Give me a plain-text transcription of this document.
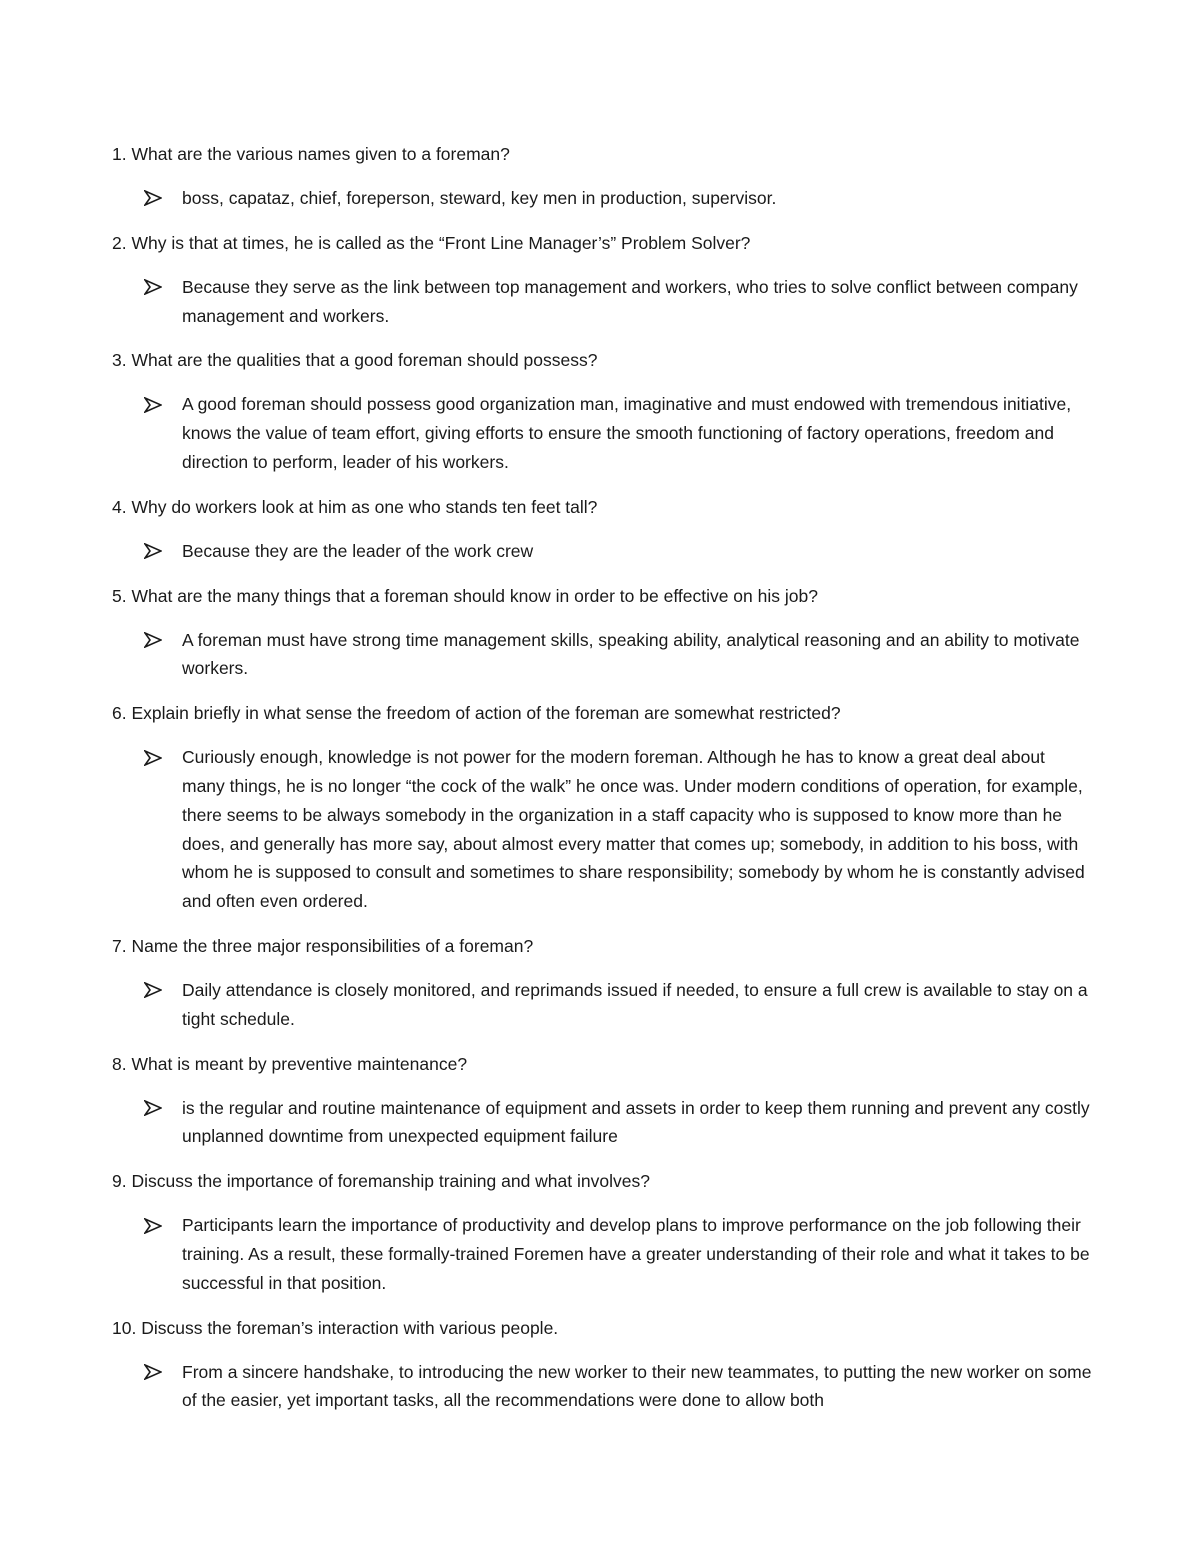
1. What are the various names given to a foreman?

boss, capataz, chief, foreperson, steward, key men in production, supervisor.

2. Why is that at times, he is called as the “Front Line Manager’s” Problem Solver?

Because they serve as the link between top management and workers, who tries to solve conflict between company management and workers.

3. What are the qualities that a good foreman should possess?

A good foreman should possess good organization man, imaginative and must endowed with tremendous initiative, knows the value of team effort, giving efforts to ensure the smooth functioning of factory operations, freedom and direction to perform, leader of his workers.

4. Why do workers look at him as one who stands ten feet tall?

Because they are the leader of the work crew

5. What are the many things that a foreman should know in order to be effective on his job?

A foreman must have strong time management skills, speaking ability, analytical reasoning and an ability to motivate workers.

6. Explain briefly in what sense the freedom of action of the foreman are somewhat restricted?

Curiously enough, knowledge is not power for the modern foreman. Although he has to know a great deal about many things, he is no longer “the cock of the walk” he once was. Under modern conditions of operation, for example, there seems to be always somebody in the organization in a staff capacity who is supposed to know more than he does, and generally has more say, about almost every matter that comes up; somebody, in addition to his boss, with whom he is supposed to consult and sometimes to share responsibility; somebody by whom he is constantly advised and often even ordered.

7. Name the three major responsibilities of a foreman?

Daily attendance is closely monitored, and reprimands issued if needed, to ensure a full crew is available to stay on a tight schedule.

8. What is meant by preventive maintenance?

is the regular and routine maintenance of equipment and assets in order to keep them running and prevent any costly unplanned downtime from unexpected equipment failure

9. Discuss the importance of foremanship training and what involves?

Participants learn the importance of productivity and develop plans to improve performance on the job following their training. As a result, these formally-trained Foremen have a greater understanding of their role and what it takes to be successful in that position.

10. Discuss the foreman’s interaction with various people.

From a sincere handshake, to introducing the new worker to their new teammates, to putting the new worker on some of the easier, yet important tasks, all the recommendations were done to allow both
